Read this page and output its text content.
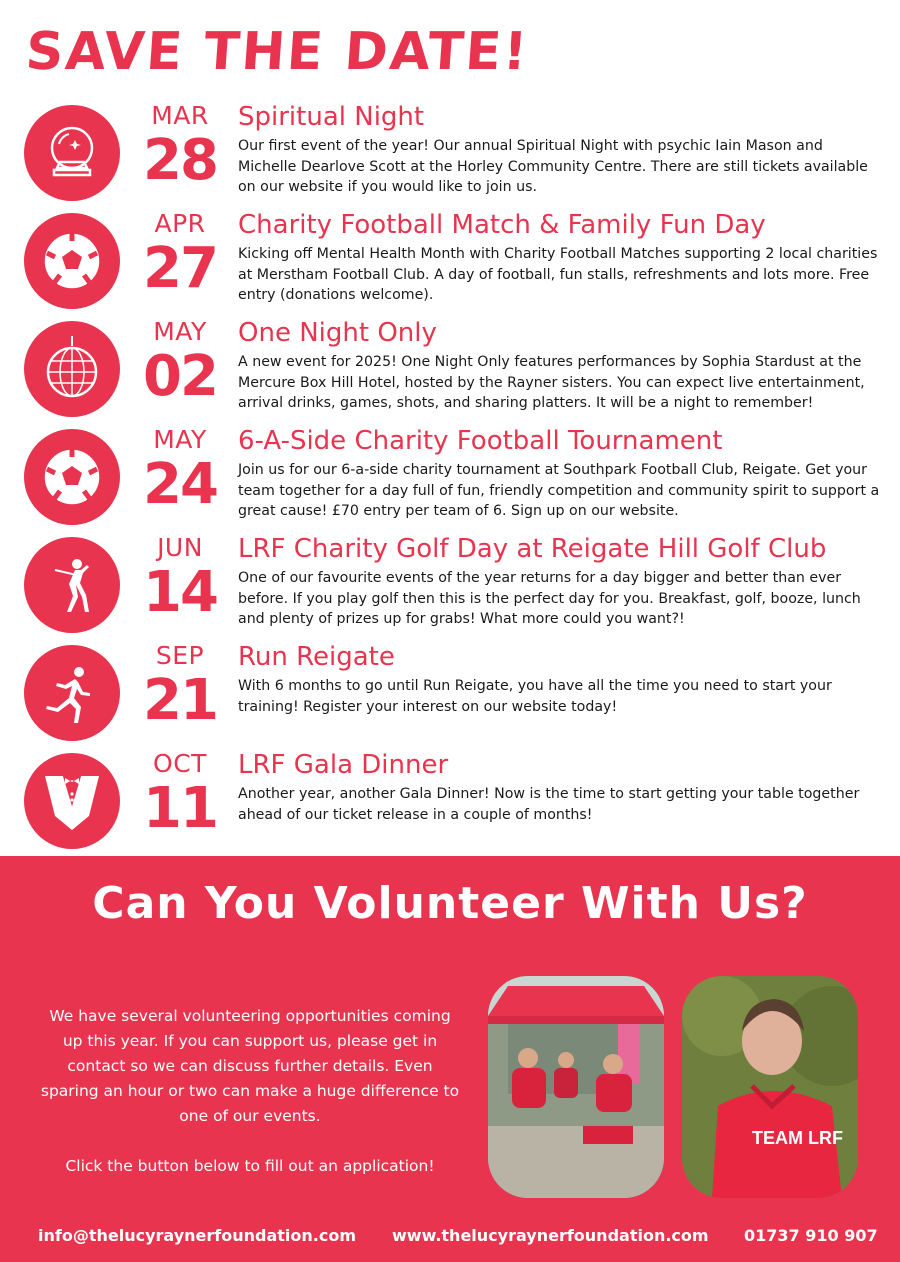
SAVE THE DATE!
MAR
28
Spiritual Night
Our first event of the year! Our annual Spiritual Night with psychic Iain Mason and Michelle Dearlove Scott at the Horley Community Centre. There are still tickets available on our website if you would like to join us.
APR
27
Charity Football Match & Family Fun Day
Kicking off Mental Health Month with Charity Football Matches supporting 2 local charities at Merstham Football Club. A day of football, fun stalls, refreshments and lots more. Free entry (donations welcome).
MAY
02
One Night Only
A new event for 2025! One Night Only features performances by Sophia Stardust at the Mercure Box Hill Hotel, hosted by the Rayner sisters. You can expect live entertainment, arrival drinks, games, shots, and sharing platters. It will be a night to remember!
MAY
24
6-A-Side Charity Football Tournament
Join us for our 6-a-side charity tournament at Southpark Football Club, Reigate. Get your team together for a day full of fun, friendly competition and community spirit to support a great cause! £70 entry per team of 6. Sign up on our website.
JUN
14
LRF Charity Golf Day at Reigate Hill Golf Club
One of our favourite events of the year returns for a day bigger and better than ever before. If you play golf then this is the perfect day for you. Breakfast, golf, booze, lunch and plenty of prizes up for grabs! What more could you want?!
SEP
21
Run Reigate
With 6 months to go until Run Reigate, you have all the time you need to start your training! Register your interest on our website today!
OCT
11
LRF Gala Dinner
Another year, another Gala Dinner! Now is the time to start getting your table together ahead of our ticket release in a couple of months!
Can You Volunteer With Us?

We have several volunteering opportunities coming up this year. If you can support us, please get in contact so we can discuss further details. Even sparing an hour or two can make a huge difference to one of our events.

Click the button below to fill out an application!

TEAM LRF
info@thelucyraynerfoundation.com www.thelucyraynerfoundation.com 01737 910 907
